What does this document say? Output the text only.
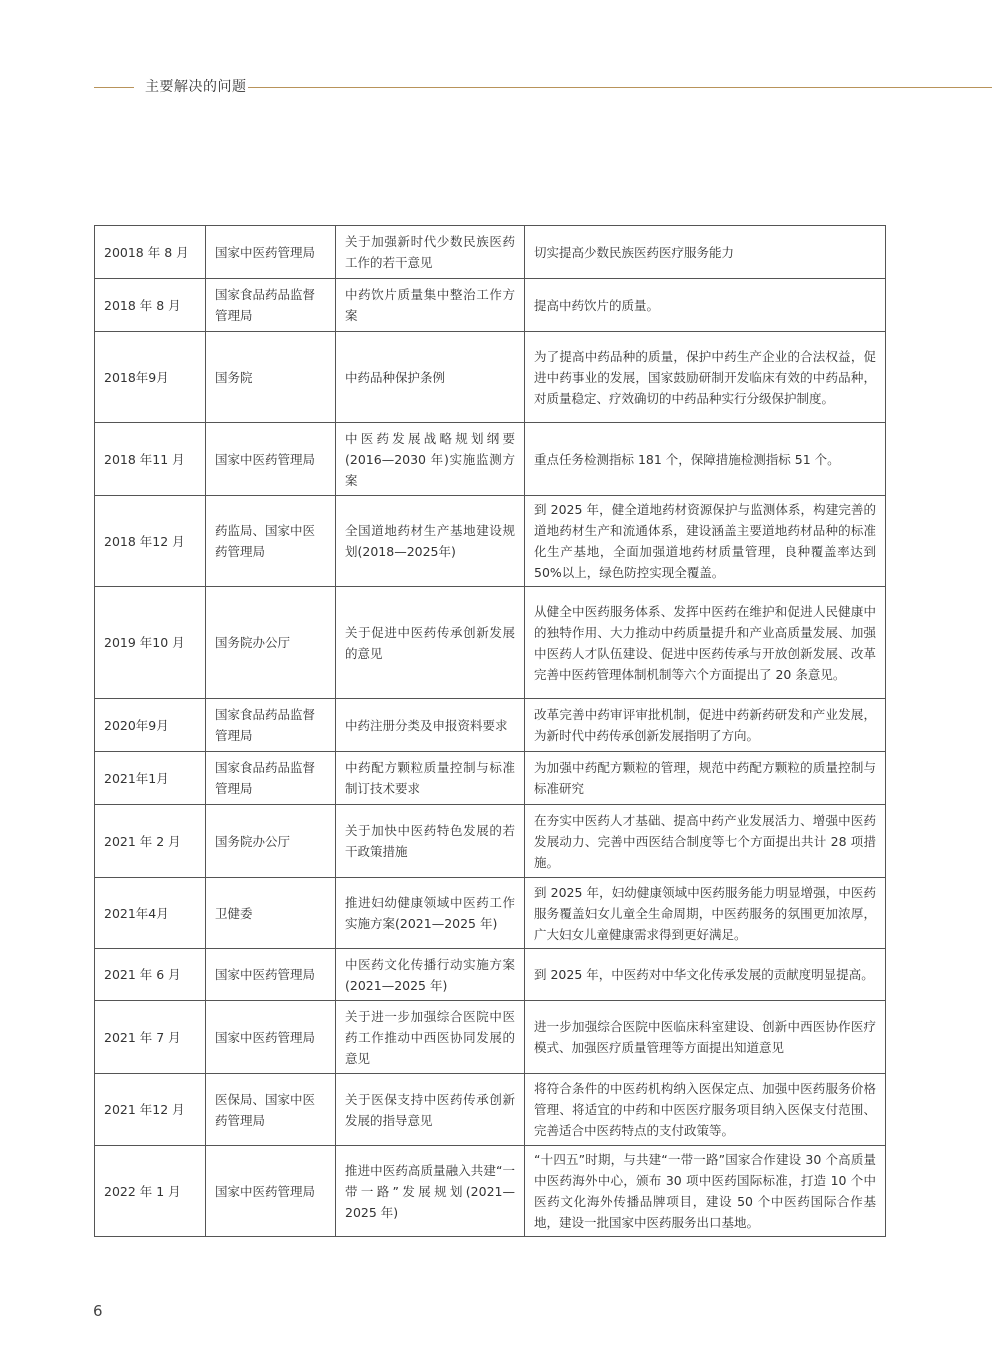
主要解决的问题
20018 年 8 月	国家中医药管理局	关于加强新时代少数民族医药工作的若干意见	切实提高少数民族医药医疗服务能力
2018 年 8 月	国家食品药品监督管理局	中药饮片质量集中整治工作方案	提高中药饮片的质量。
2018年9月	国务院	中药品种保护条例	为了提高中药品种的质量，保护中药生产企业的合法权益，促进中药事业的发展，国家鼓励研制开发临床有效的中药品种，对质量稳定、疗效确切的中药品种实行分级保护制度。
2018 年11 月	国家中医药管理局	中医药发展战略规划纲要(2016—2030 年)实施监测方案	重点任务检测指标 181 个，保障措施检测指标 51 个。
2018 年12 月	药监局、国家中医药管理局	全国道地药材生产基地建设规划(2018—2025年)	到 2025 年，健全道地药材资源保护与监测体系，构建完善的道地药材生产和流通体系，建设涵盖主要道地药材品种的标准化生产基地，全面加强道地药材质量管理，良种覆盖率达到 50%以上，绿色防控实现全覆盖。
2019 年10 月	国务院办公厅	关于促进中医药传承创新发展的意见	从健全中医药服务体系、发挥中医药在维护和促进人民健康中的独特作用、大力推动中药质量提升和产业高质量发展、加强中医药人才队伍建设、促进中医药传承与开放创新发展、改革完善中医药管理体制机制等六个方面提出了 20 条意见。
2020年9月	国家食品药品监督管理局	中药注册分类及申报资料要求	改革完善中药审评审批机制，促进中药新药研发和产业发展，为新时代中药传承创新发展指明了方向。
2021年1月	国家食品药品监督管理局	中药配方颗粒质量控制与标准制订技术要求	为加强中药配方颗粒的管理，规范中药配方颗粒的质量控制与标准研究
2021 年 2 月	国务院办公厅	关于加快中医药特色发展的若干政策措施	在夯实中医药人才基础、提高中药产业发展活力、增强中医药发展动力、完善中西医结合制度等七个方面提出共计 28 项措施。
2021年4月	卫健委	推进妇幼健康领域中医药工作实施方案(2021—2025 年)	到 2025 年，妇幼健康领域中医药服务能力明显增强，中医药服务覆盖妇女儿童全生命周期，中医药服务的氛围更加浓厚，广大妇女儿童健康需求得到更好满足。
2021 年 6 月	国家中医药管理局	中医药文化传播行动实施方案(2021—2025 年)	到 2025 年，中医药对中华文化传承发展的贡献度明显提高。
2021 年 7 月	国家中医药管理局	关于进一步加强综合医院中医药工作推动中西医协同发展的意见	进一步加强综合医院中医临床科室建设、创新中西医协作医疗模式、加强医疗质量管理等方面提出知道意见
2021 年12 月	医保局、国家中医药管理局	关于医保支持中医药传承创新发展的指导意见	将符合条件的中医药机构纳入医保定点、加强中医药服务价格管理、将适宜的中药和中医医疗服务项目纳入医保支付范围、完善适合中医药特点的支付政策等。
2022 年 1 月	国家中医药管理局	推进中医药高质量融入共建“一带一路”发展规划(2021—2025 年)	“十四五”时期，与共建“一带一路”国家合作建设 30 个高质量中医药海外中心，颁布 30 项中医药国际标准，打造 10 个中医药文化海外传播品牌项目，建设 50 个中医药国际合作基地，建设一批国家中医药服务出口基地。
6
